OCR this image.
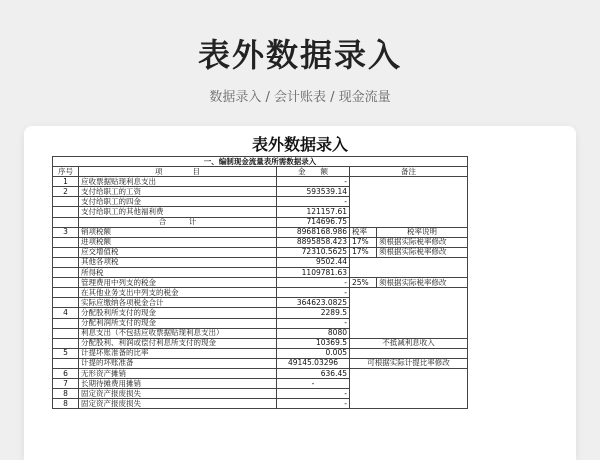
表外数据录入
数据录入 / 会计账表 / 现金流量
表外数据录入
一、编制现金流量表所需数据录入				
序号	项　　　　目	金　　额	备注	
1	应收票据贴现利息支出	-		
2	支付给职工的工资	593539.14		
	支付给职工的四金	-		
	支付给职工的其他福利费	121157.61		
	合　　　计	714696.75		
3	销项税额	8968168.986	税率	税率说明
	进项税额	8895858.423	17%	须根据实际税率修改
	应交增值税	72310.5625	17%	须根据实际税率修改
	其他各项税	9502.44		
	所得税	1109781.63		
	管理费用中列支的税金	-	25%	须根据实际税率修改
	在其他业务支出中列支的税金	-		
	实际应缴纳各项税金合计	364623.0825		
4	分配股利所支付的现金	2289.5		
	分配利润所支付的现金	-		
	利息支出（不包括应收票据贴现利息支出）	8080		
	分配股利、利润或偿付利息所支付的现金	10369.5	不抵减利息收入	
5	计提坏账准备的比率	0.005		
	计提的坏账准备	49145.03296	可根据实际计提比率修改	
6	无形资产摊销	636.45		
7	长期待摊费用摊销	-		
8	固定资产报废损失	-		
8	固定资产报废损失	-		
